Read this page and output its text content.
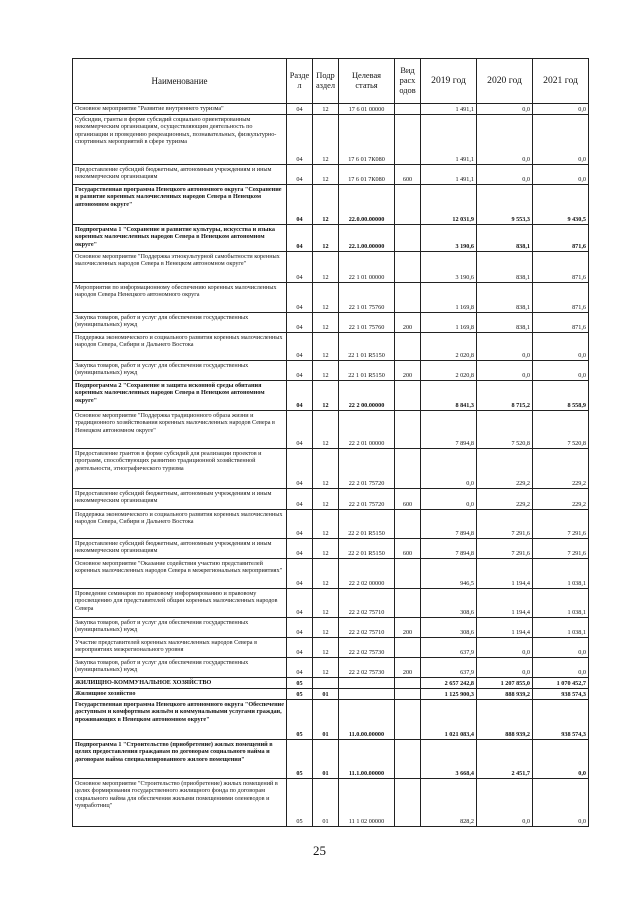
Наименование	Разде л	Подр аздел	Целевая статья	Вид расх одов	2019 год	2020 год	2021 год
Основное мероприятие "Развитие внутреннего туризма"	04	12	17 6 01 00000		1 491,1	0,0	0,0
Субсидии, гранты в форме субсидий социально ориентированным некоммерческим организациям, осуществляющим деятельность по организации и проведению рекреационных, познавательных, физкультурно-спортивных мероприятий в сфере туризма	04	12	17 6 01 7К080		1 491,1	0,0	0,0
Предоставление субсидий бюджетным, автономным учреждениям и иным некоммерческим организациям	04	12	17 6 01 7К080	600	1 491,1	0,0	0,0
Государственная программа Ненецкого автономного округа "Сохранение и развитие коренных малочисленных народов Севера в Ненецком автономном округе"	04	12	22.0.00.00000		12 031,9	9 553,3	9 430,5
Подпрограмма 1 "Сохранение и развитие культуры, искусства и языка коренных малочисленных народов Севера в Ненецком автономном округе"	04	12	22.1.00.00000		3 190,6	838,1	871,6
Основное мероприятие "Поддержка этнокультурной самобытности коренных малочисленных народов Севера в Ненецком автономном округе"	04	12	22 1 01 00000		3 190,6	838,1	871,6
Мероприятия по информационному обеспечению коренных малочисленных народов Севера Ненецкого автономного округа	04	12	22 1 01 75760		1 169,8	838,1	871,6
Закупка товаров, работ и услуг для обеспечения государственных (муниципальных) нужд	04	12	22 1 01 75760	200	1 169,8	838,1	871,6
Поддержка экономического и социального развития коренных малочисленных народов Севера, Сибири и Дальнего Востока	04	12	22 1 01 R5150		2 020,8	0,0	0,0
Закупка товаров, работ и услуг для обеспечения государственных (муниципальных) нужд	04	12	22 1 01 R5150	200	2 020,8	0,0	0,0
Подпрограмма 2 "Сохранение и защита исконной среды обитания коренных малочисленных народов Севера в Ненецком автономном округе"	04	12	22 2 00.00000		8 841,3	8 715,2	8 558,9
Основное мероприятие "Поддержка традиционного образа жизни и традиционного хозяйствования коренных малочисленных народов Севера в Ненецком автономном округе"	04	12	22 2 01 00000		7 894,8	7 520,8	7 520,8
Предоставление грантов в форме субсидий для реализации проектов и программ, способствующих развитию традиционной хозяйственной деятельности, этнографического туризма	04	12	22 2 01 75720		0,0	229,2	229,2
Предоставление субсидий бюджетным, автономным учреждениям и иным некоммерческим организациям	04	12	22 2 01 75720	600	0,0	229,2	229,2
Поддержка экономического и социального развития коренных малочисленных народов Севера, Сибири и Дальнего Востока	04	12	22 2 01 R5150		7 894,8	7 291,6	7 291,6
Предоставление субсидий бюджетным, автономным учреждениям и иным некоммерческим организациям	04	12	22 2 01 R5150	600	7 894,8	7 291,6	7 291,6
Основное мероприятие "Оказание содействия участию представителей коренных малочисленных народов Севера в межрегиональных мероприятиях"	04	12	22 2 02 00000		946,5	1 194,4	1 038,1
Проведение семинаров по правовому информированию и правовому просвещению для представителей общин коренных малочисленных народов Севера	04	12	22 2 02 75710		308,6	1 194,4	1 038,1
Закупка товаров, работ и услуг для обеспечения государственных (муниципальных) нужд	04	12	22 2 02 75710	200	308,6	1 194,4	1 038,1
Участие представителей коренных малочисленных народов Севера в мероприятиях межрегионального уровня	04	12	22 2 02 75730		637,9	0,0	0,0
Закупка товаров, работ и услуг для обеспечения государственных (муниципальных) нужд	04	12	22 2 02 75730	200	637,9	0,0	0,0
ЖИЛИЩНО-КОММУНАЛЬНОЕ ХОЗЯЙСТВО	05				2 657 242,8	1 207 855,0	1 070 452,7
Жилищное хозяйство	05	01			1 125 900,3	888 939,2	938 574,3
Государственная программа Ненецкого автономного округа "Обеспечение доступным и комфортным жильём и коммунальными услугами граждан, проживающих в Ненецком автономном округе"	05	01	11.0.00.00000		1 021 083,4	888 939,2	938 574,3
Подпрограмма 1 "Строительство (приобретение) жилых помещений в целях предоставления гражданам по договорам социального найма и договорам найма специализированного жилого помещения"	05	01	11.1.00.00000		3 668,4	2 451,7	0,0
Основное мероприятие "Строительство (приобретение) жилых помещений в целях формирования государственного жилищного фонда по договорам социального найма для обеспечения жилыми помещениями оленеводов и чумработниц"	05	01	11 1 02 00000		828,2	0,0	0,0
25
